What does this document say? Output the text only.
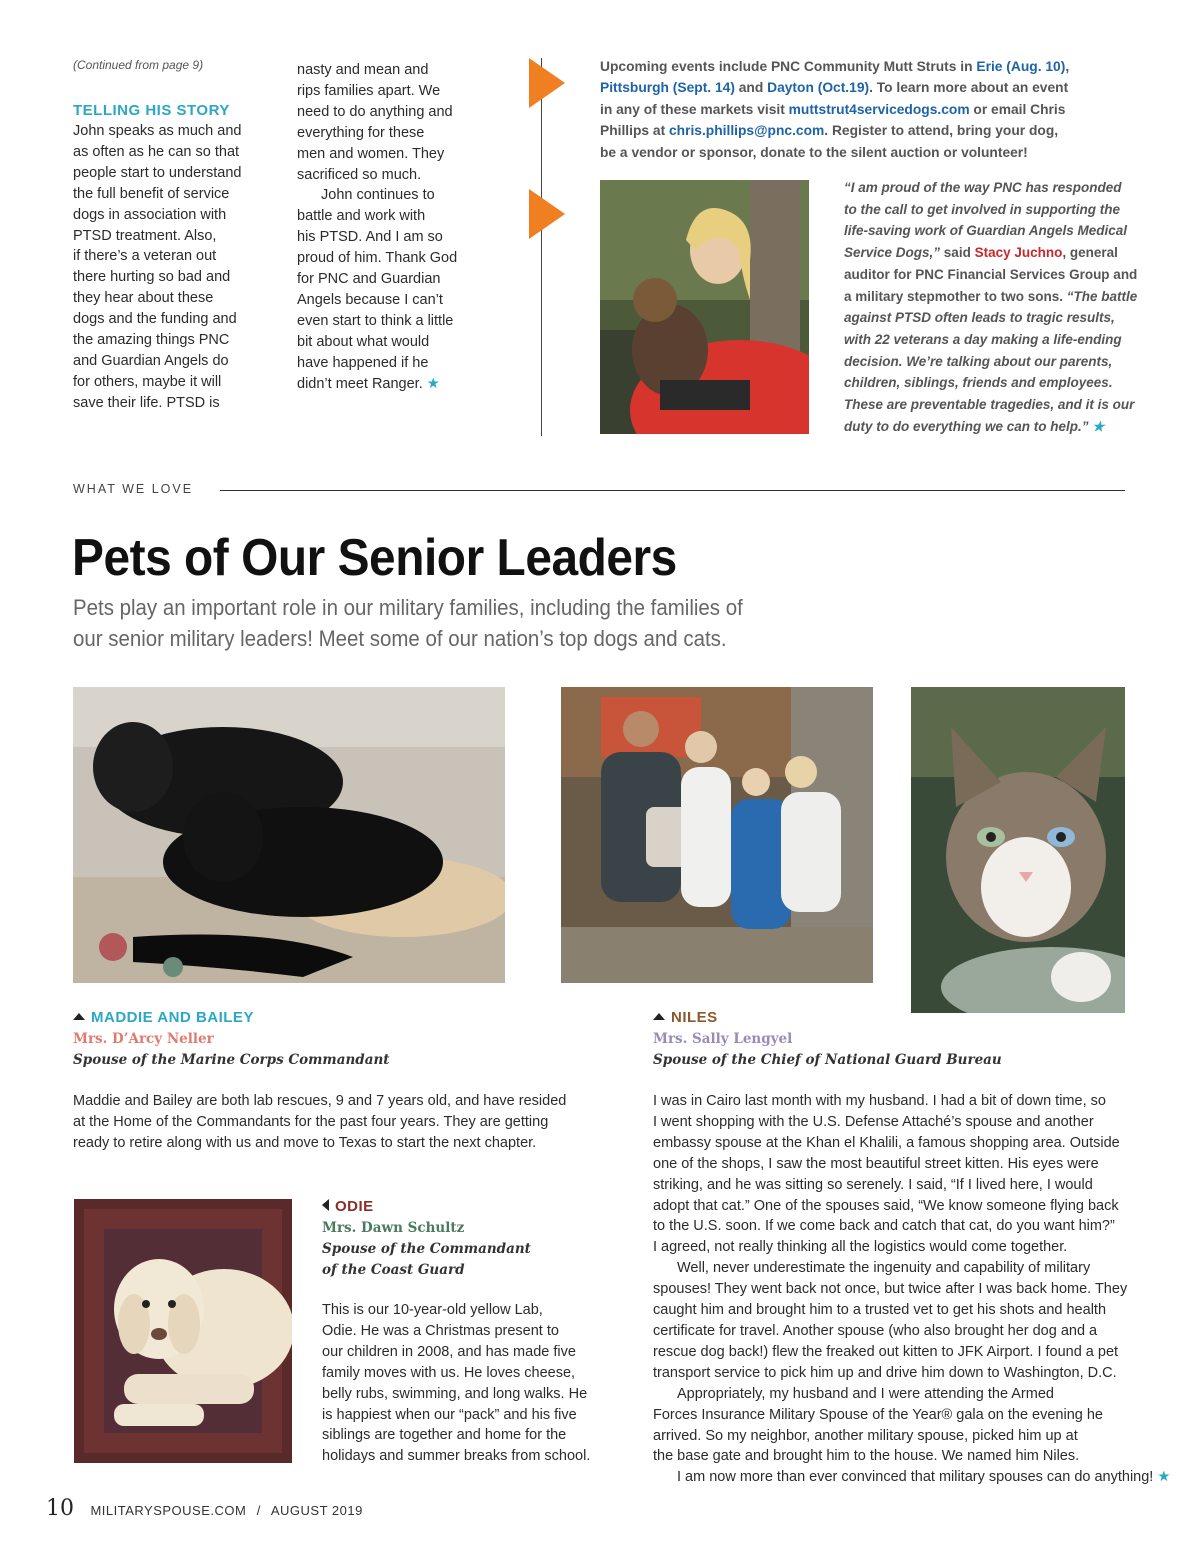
(Continued from page 9)
TELLING HIS STORY
John speaks as much and
as often as he can so that
people start to understand
the full benefit of service
dogs in association with
PTSD treatment. Also,
if there’s a veteran out
there hurting so bad and
they hear about these
dogs and the funding and
the amazing things PNC
and Guardian Angels do
for others, maybe it will
save their life. PTSD is
nasty and mean and
rips families apart. We
need to do anything and
everything for these
men and women. They
sacrificed so much.
John continues to
battle and work with
his PTSD. And I am so
proud of him. Thank God
for PNC and Guardian
Angels because I can’t
even start to think a little
bit about what would
have happened if he
didn’t meet Ranger. ★
Upcoming events include PNC Community Mutt Struts in Erie (Aug. 10),
Pittsburgh (Sept. 14) and Dayton (Oct.19). To learn more about an event
in any of these markets visit muttstrut4servicedogs.com or email Chris
Phillips at chris.phillips@pnc.com. Register to attend, bring your dog,
be a vendor or sponsor, donate to the silent auction or volunteer!
“I am proud of the way PNC has responded
to the call to get involved in supporting the
life-saving work of Guardian Angels Medical
Service Dogs,” said Stacy Juchno, general
auditor for PNC Financial Services Group and
a military stepmother to two sons. “The battle
against PTSD often leads to tragic results,
with 22 veterans a day making a life-ending
decision. We’re talking about our parents,
children, siblings, friends and employees.
These are preventable tragedies, and it is our
duty to do everything we can to help.” ★
WHAT WE LOVE
Pets of Our Senior Leaders
Pets play an important role in our military families, including the families of
our senior military leaders! Meet some of our nation’s top dogs and cats.
MADDIE AND BAILEY
Mrs. D’Arcy Neller
Spouse of the Marine Corps Commandant
Maddie and Bailey are both lab rescues, 9 and 7 years old, and have resided
at the Home of the Commandants for the past four years. They are getting
ready to retire along with us and move to Texas to start the next chapter.
ODIE
Mrs. Dawn Schultz
Spouse of the Commandant
of the Coast Guard
This is our 10-year-old yellow Lab,
Odie. He was a Christmas present to
our children in 2008, and has made five
family moves with us. He loves cheese,
belly rubs, swimming, and long walks. He
is happiest when our “pack” and his five
siblings are together and home for the
holidays and summer breaks from school.
NILES
Mrs. Sally Lengyel
Spouse of the Chief of National Guard Bureau
I was in Cairo last month with my husband. I had a bit of down time, so
I went shopping with the U.S. Defense Attaché’s spouse and another
embassy spouse at the Khan el Khalili, a famous shopping area. Outside
one of the shops, I saw the most beautiful street kitten. His eyes were
striking, and he was sitting so serenely. I said, “If I lived here, I would
adopt that cat.” One of the spouses said, “We know someone flying back
to the U.S. soon. If we come back and catch that cat, do you want him?”
I agreed, not really thinking all the logistics would come together.
Well, never underestimate the ingenuity and capability of military
spouses! They went back not once, but twice after I was back home. They
caught him and brought him to a trusted vet to get his shots and health
certificate for travel. Another spouse (who also brought her dog and a
rescue dog back!) flew the freaked out kitten to JFK Airport. I found a pet
transport service to pick him up and drive him down to Washington, D.C.
Appropriately, my husband and I were attending the Armed
Forces Insurance Military Spouse of the Year® gala on the evening he
arrived. So my neighbor, another military spouse, picked him up at
the base gate and brought him to the house. We named him Niles.
I am now more than ever convinced that military spouses can do anything! ★
10 MILITARYSPOUSE.COM / AUGUST 2019
